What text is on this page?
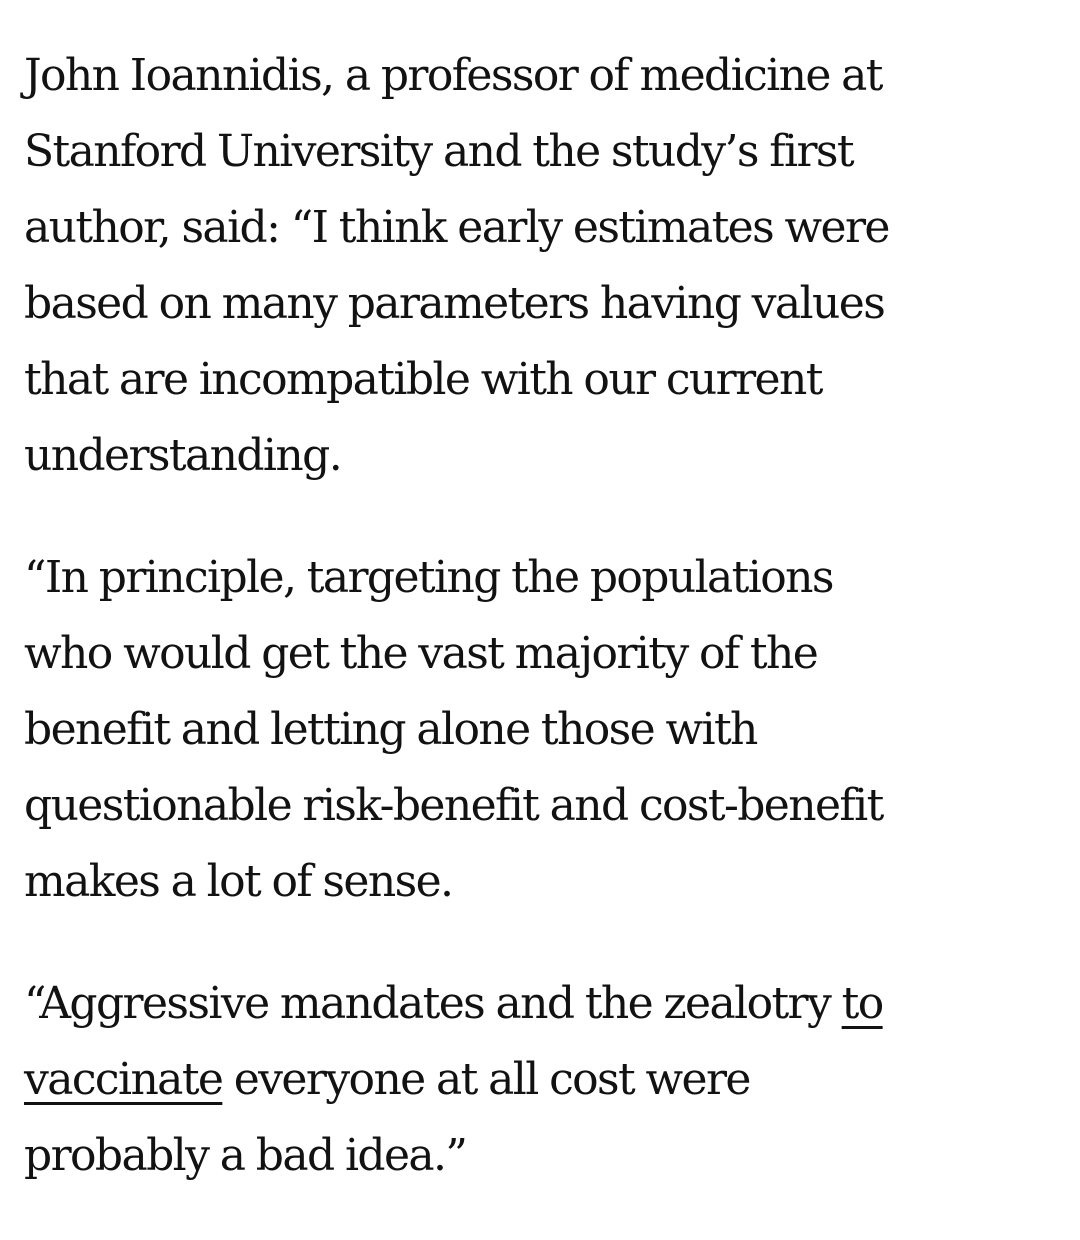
John Ioannidis, a professor of medicine at
Stanford University and the study’s first
author, said: “I think early estimates were
based on many parameters having values
that are incompatible with our current
understanding.

“In principle, targeting the populations
who would get the vast majority of the
benefit and letting alone those with
questionable risk-benefit and cost-benefit
makes a lot of sense.

“Aggressive mandates and the zealotry to
vaccinate everyone at all cost were
probably a bad idea.”
